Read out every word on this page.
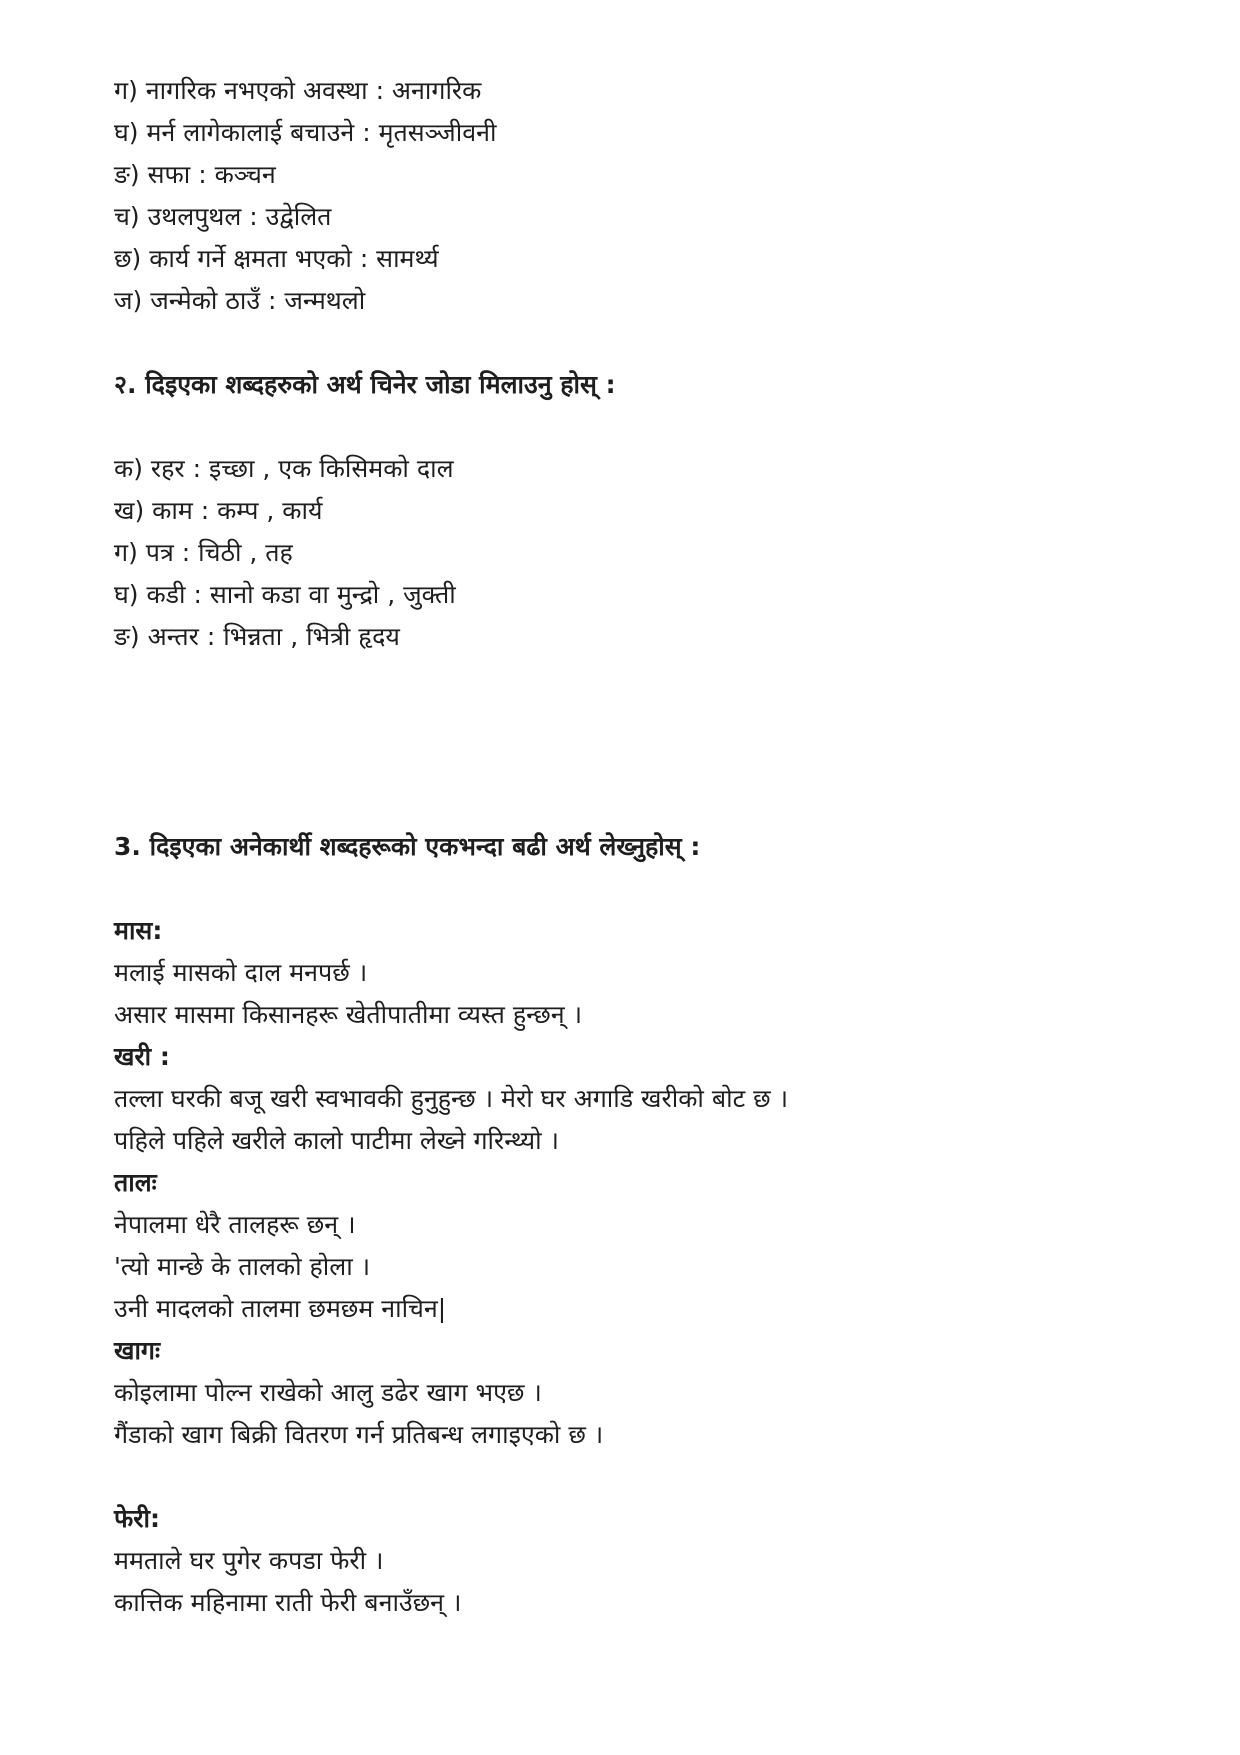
ग) नागरिक नभएको अवस्था : अनागरिक
घ) मर्न लागेकालाई बचाउने : मृतसञ्जीवनी
ङ) सफा : कञ्चन
च) उथलपुथल : उद्वेलित
छ) कार्य गर्ने क्षमता भएको : सामर्थ्य
ज) जन्मेको ठाउँ : जन्मथलो
२. दिइएका शब्दहरुको अर्थ चिनेर जोडा मिलाउनु होस् :
क) रहर : इच्छा , एक किसिमको दाल
ख) काम : कम्प , कार्य
ग) पत्र : चिठी , तह
घ) कडी : सानो कडा वा मुन्द्रो , जुक्ती
ङ) अन्तर : भिन्नता , भित्री हृदय
3. दिइएका अनेकार्थी शब्दहरूको एकभन्दा बढी अर्थ लेख्नुहोस् :
मास:
मलाई मासको दाल मनपर्छ ।
असार मासमा किसानहरू खेतीपातीमा व्यस्त हुन्छन् ।
खरी :
तल्ला घरकी बजू खरी स्वभावकी हुनुहुन्छ । मेरो घर अगाडि खरीको बोट छ ।
पहिले पहिले खरीले कालो पाटीमा लेख्ने गरिन्थ्यो ।
तालः
नेपालमा धेरै तालहरू छन् ।
'त्यो मान्छे के तालको होला ।
उनी मादलको तालमा छमछम नाचिन|
खागः
कोइलामा पोल्न राखेको आलु डढेर खाग भएछ ।
गैंडाको खाग बिक्री वितरण गर्न प्रतिबन्ध लगाइएको छ ।
फेरी:
ममताले घर पुगेर कपडा फेरी ।
कात्तिक महिनामा राती फेरी बनाउँछन् ।
